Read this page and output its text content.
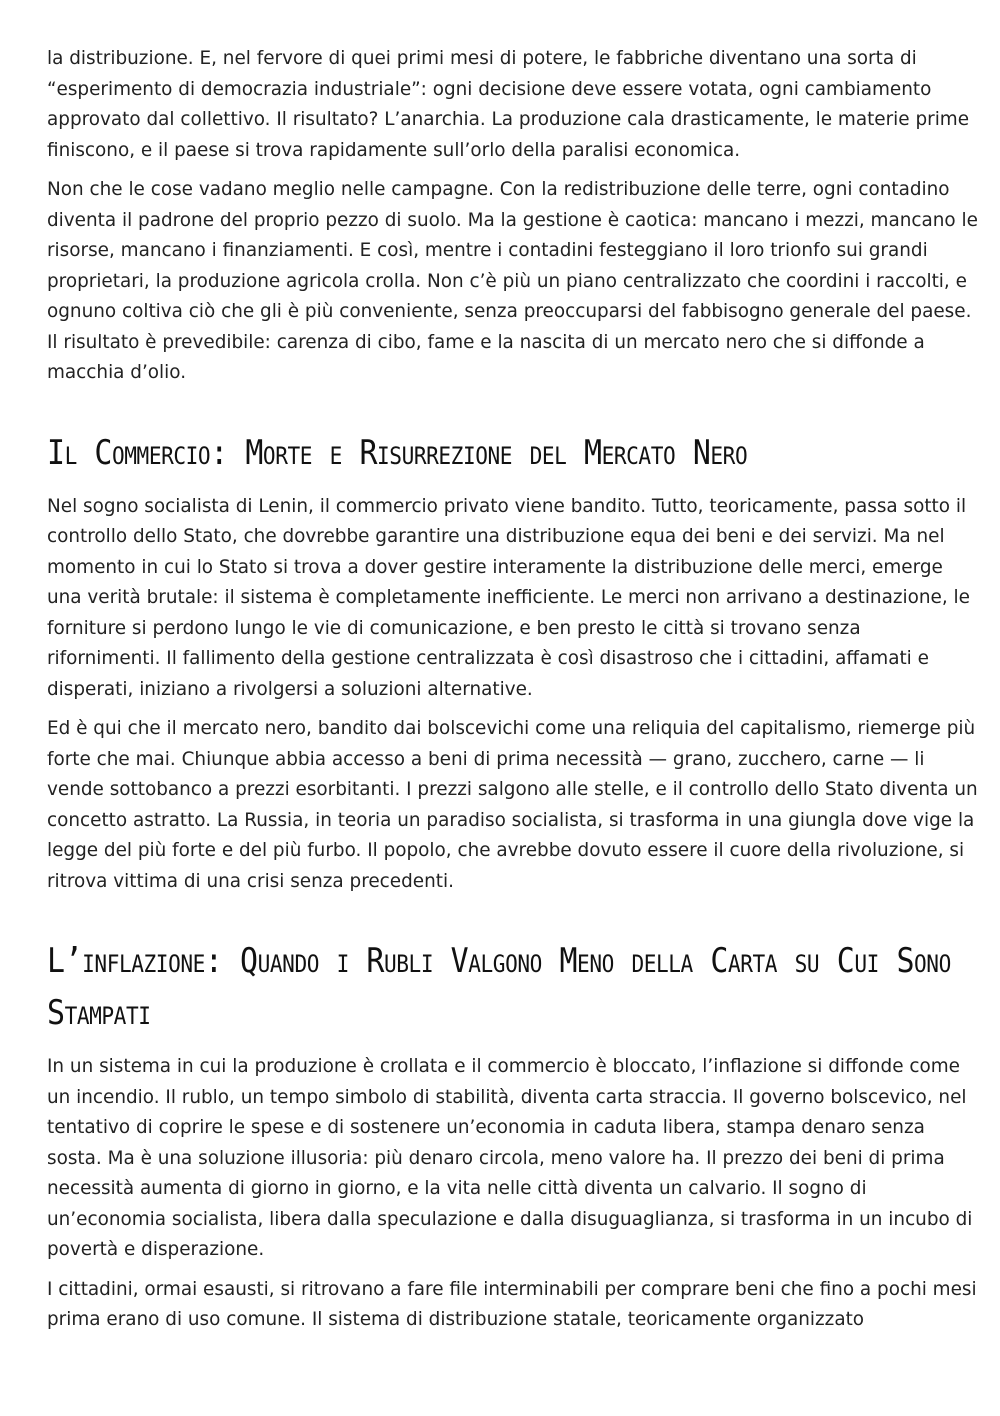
la distribuzione. E, nel fervore di quei primi mesi di potere, le fabbriche diventano una sorta di “esperimento di democrazia industriale”: ogni decisione deve essere votata, ogni cambiamento approvato dal collettivo. Il risultato? L’anarchia. La produzione cala drasticamente, le materie prime finiscono, e il paese si trova rapidamente sull’orlo della paralisi economica.

Non che le cose vadano meglio nelle campagne. Con la redistribuzione delle terre, ogni contadino diventa il padrone del proprio pezzo di suolo. Ma la gestione è caotica: mancano i mezzi, mancano le risorse, mancano i finanziamenti. E così, mentre i contadini festeggiano il loro trionfo sui grandi proprietari, la produzione agricola crolla. Non c’è più un piano centralizzato che coordini i raccolti, e ognuno coltiva ciò che gli è più conveniente, senza preoccuparsi del fabbisogno generale del paese. Il risultato è prevedibile: carenza di cibo, fame e la nascita di un mercato nero che si diffonde a macchia d’olio.

Il Commercio: Morte e Risurrezione del Mercato Nero

Nel sogno socialista di Lenin, il commercio privato viene bandito. Tutto, teoricamente, passa sotto il controllo dello Stato, che dovrebbe garantire una distribuzione equa dei beni e dei servizi. Ma nel momento in cui lo Stato si trova a dover gestire interamente la distribuzione delle merci, emerge una verità brutale: il sistema è completamente inefficiente. Le merci non arrivano a destinazione, le forniture si perdono lungo le vie di comunicazione, e ben presto le città si trovano senza rifornimenti. Il fallimento della gestione centralizzata è così disastroso che i cittadini, affamati e disperati, iniziano a rivolgersi a soluzioni alternative.

Ed è qui che il mercato nero, bandito dai bolscevichi come una reliquia del capitalismo, riemerge più forte che mai. Chiunque abbia accesso a beni di prima necessità — grano, zucchero, carne — li vende sottobanco a prezzi esorbitanti. I prezzi salgono alle stelle, e il controllo dello Stato diventa un concetto astratto. La Russia, in teoria un paradiso socialista, si trasforma in una giungla dove vige la legge del più forte e del più furbo. Il popolo, che avrebbe dovuto essere il cuore della rivoluzione, si ritrova vittima di una crisi senza precedenti.

L’inflazione: Quando i Rubli Valgono Meno della Carta su Cui Sono Stampati

In un sistema in cui la produzione è crollata e il commercio è bloccato, l’inflazione si diffonde come un incendio. Il rublo, un tempo simbolo di stabilità, diventa carta straccia. Il governo bolscevico, nel tentativo di coprire le spese e di sostenere un’economia in caduta libera, stampa denaro senza sosta. Ma è una soluzione illusoria: più denaro circola, meno valore ha. Il prezzo dei beni di prima necessità aumenta di giorno in giorno, e la vita nelle città diventa un calvario. Il sogno di un’economia socialista, libera dalla speculazione e dalla disuguaglianza, si trasforma in un incubo di povertà e disperazione.

I cittadini, ormai esausti, si ritrovano a fare file interminabili per comprare beni che fino a pochi mesi prima erano di uso comune. Il sistema di distribuzione statale, teoricamente organizzato
